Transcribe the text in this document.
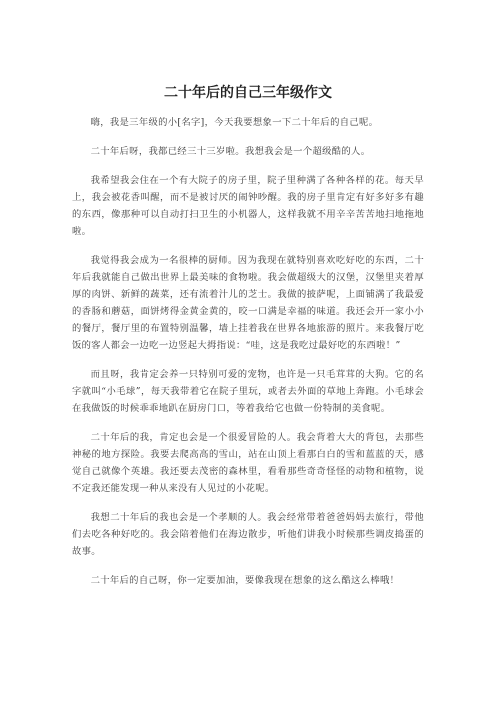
二十年后的自己三年级作文

嗨，我是三年级的小[名字]，今天我要想象一下二十年后的自己呢。

二十年后呀，我都已经三十三岁啦。我想我会是一个超级酷的人。

我希望我会住在一个有大院子的房子里，院子里种满了各种各样的花。每天早上，我会被花香叫醒，而不是被讨厌的闹钟吵醒。我的房子里肯定有好多好多有趣的东西，像那种可以自动打扫卫生的小机器人，这样我就不用辛辛苦苦地扫地拖地啦。

我觉得我会成为一名很棒的厨师。因为我现在就特别喜欢吃好吃的东西，二十年后我就能自己做出世界上最美味的食物啦。我会做超级大的汉堡，汉堡里夹着厚厚的肉饼、新鲜的蔬菜，还有流着汁儿的芝士。我做的披萨呢，上面铺满了我最爱的香肠和蘑菇，面饼烤得金黄金黄的，咬一口满是幸福的味道。我还会开一家小小的餐厅，餐厅里的布置特别温馨，墙上挂着我在世界各地旅游的照片。来我餐厅吃饭的客人都会一边吃一边竖起大拇指说：“哇，这是我吃过最好吃的东西啦！”

而且呀，我肯定会养一只特别可爱的宠物，也许是一只毛茸茸的大狗。它的名字就叫“小毛球”，每天我带着它在院子里玩，或者去外面的草地上奔跑。小毛球会在我做饭的时候乖乖地趴在厨房门口，等着我给它也做一份特制的美食呢。

二十年后的我，肯定也会是一个很爱冒险的人。我会背着大大的背包，去那些神秘的地方探险。我要去爬高高的雪山，站在山顶上看那白白的雪和蓝蓝的天，感觉自己就像个英雄。我还要去茂密的森林里，看看那些奇奇怪怪的动物和植物，说不定我还能发现一种从来没有人见过的小花呢。

我想二十年后的我也会是一个孝顺的人。我会经常带着爸爸妈妈去旅行，带他们去吃各种好吃的。我会陪着他们在海边散步，听他们讲我小时候那些调皮捣蛋的故事。

二十年后的自己呀，你一定要加油，要像我现在想象的这么酷这么棒哦！
